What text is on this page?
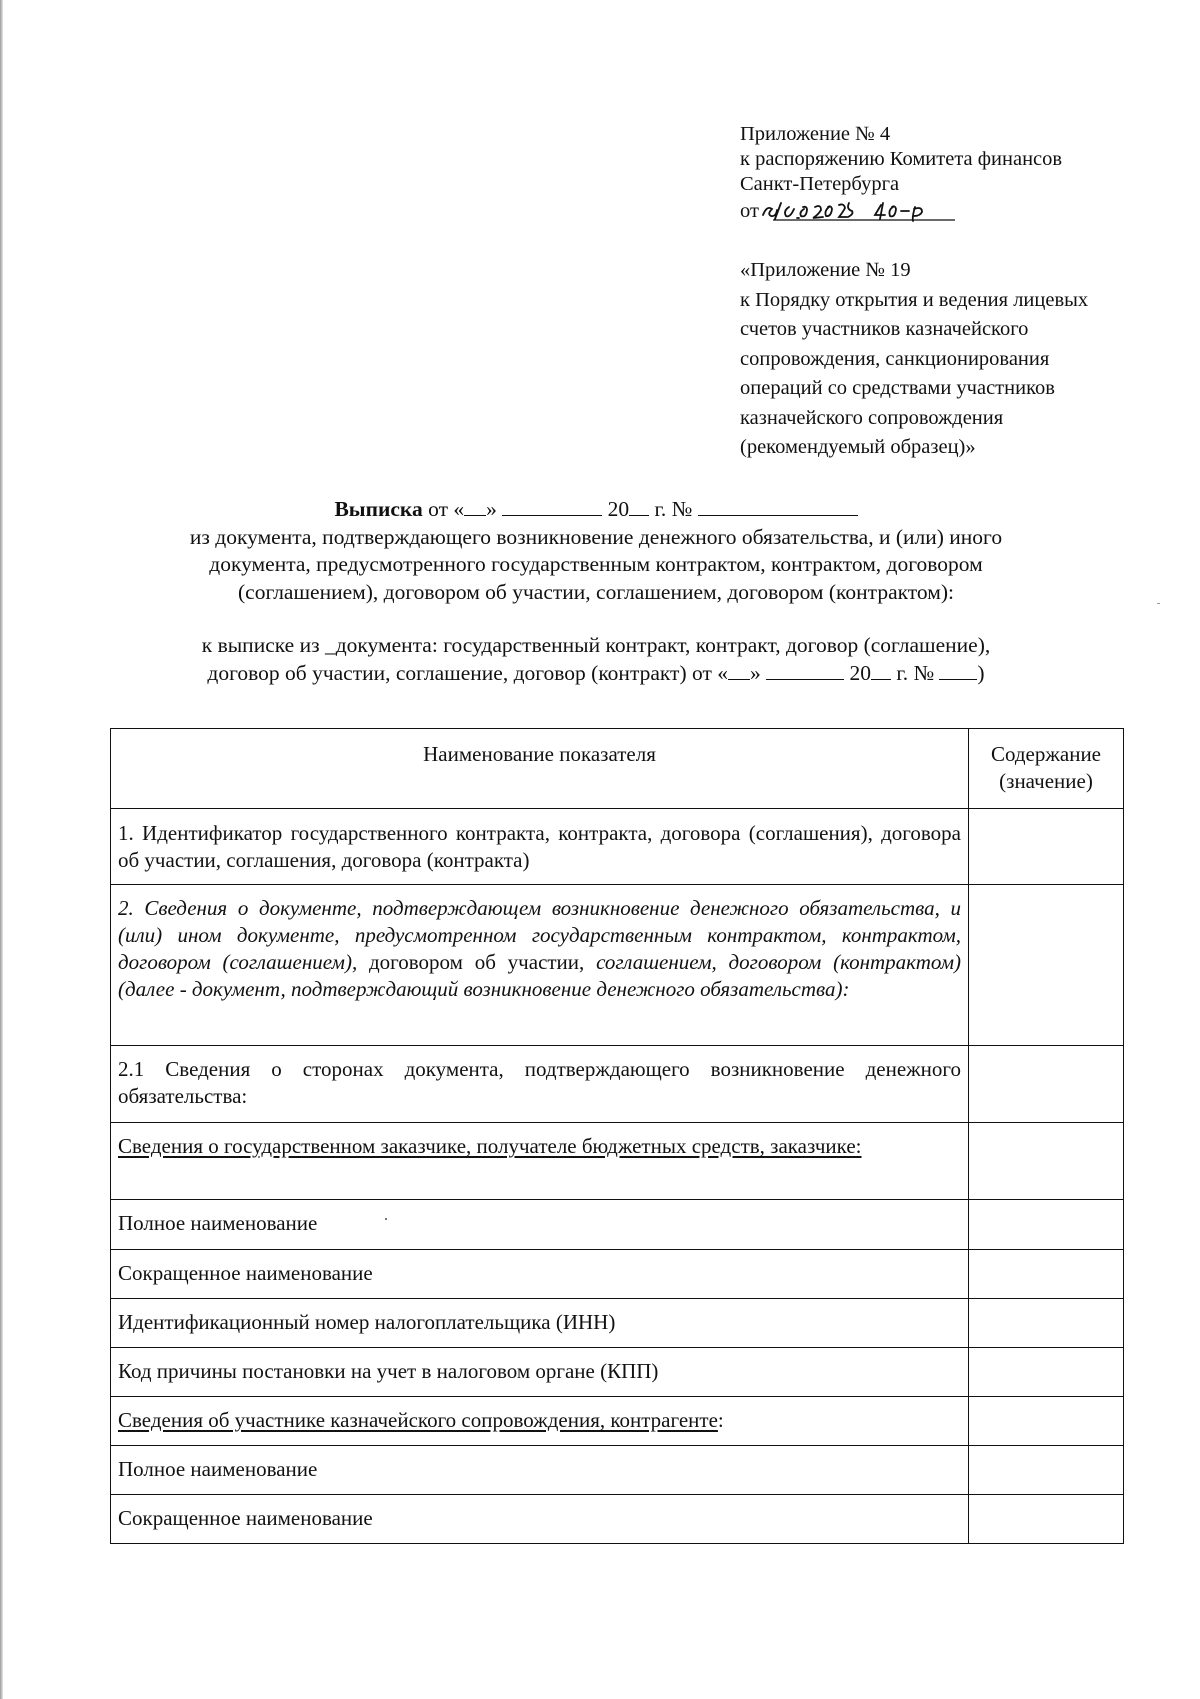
Приложение № 4
к распоряжению Комитета финансов
Санкт-Петербурга
от
«Приложение № 19
к Порядку открытия и ведения лицевых
счетов участников казначейского
сопровождения, санкционирования
операций со средствами участников
казначейского сопровождения
(рекомендуемый образец)»
Выписка от « »	20 г. №
из документа, подтверждающего возникновение денежного обязательства, и (или) иного
документа, предусмотренного государственным контрактом, контрактом, договором
(соглашением), договором об участии, соглашением, договором (контрактом):
к выписке из _документа: государственный контракт, контракт, договор (соглашение),
договор об участии, соглашение, договор (контракт) от « »	20 г. № )
Наименование показателя	Содержание (значение)
1. Идентификатор государственного контракта, контракта, договора (соглашения), договора об участии, соглашения, договора (контракта)	
2. Сведения о документе, подтверждающем возникновение денежного обязательства, и (или) ином документе, предусмотренном государственным контрактом, контрактом, договором (соглашением), договором об участии, соглашением, договором (контрактом) (далее - документ, подтверждающий возникновение денежного обязательства):	
2.1 Сведения о сторонах документа, подтверждающего возникновение денежного обязательства:	
Сведения о государственном заказчике, получателе бюджетных средств, заказчике:	
Полное наименование	
Сокращенное наименование	
Идентификационный номер налогоплательщика (ИНН)	
Код причины постановки на учет в налоговом органе (КПП)	
Сведения об участнике казначейского сопровождения, контрагенте:	
Полное наименование	
Сокращенное наименование	
